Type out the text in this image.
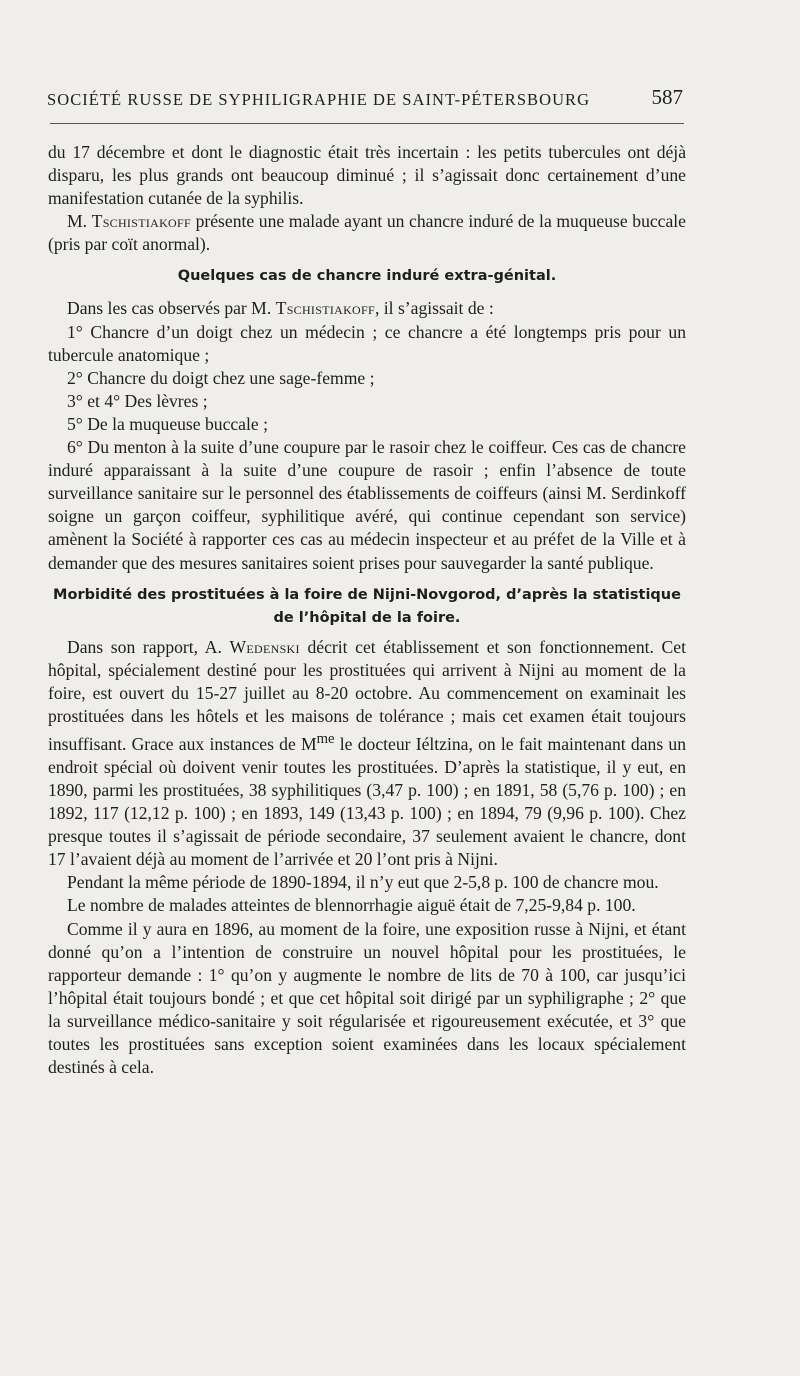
SOCIÉTÉ RUSSE DE SYPHILIGRAPHIE DE SAINT-PÉTERSBOURG	587

du 17 décembre et dont le diagnostic était très incertain : les petits tubercules ont déjà disparu, les plus grands ont beaucoup diminué ; il s’agissait donc certainement d’une manifestation cutanée de la syphilis.

M. Tschistiakoff présente une malade ayant un chancre induré de la muqueuse buccale (pris par coït anormal).

Quelques cas de chancre induré extra-génital.

Dans les cas observés par M. Tschistiakoff, il s’agissait de :

1° Chancre d’un doigt chez un médecin ; ce chancre a été longtemps pris pour un tubercule anatomique ;

2° Chancre du doigt chez une sage-femme ;

3° et 4° Des lèvres ;

5° De la muqueuse buccale ;

6° Du menton à la suite d’une coupure par le rasoir chez le coiffeur. Ces cas de chancre induré apparaissant à la suite d’une coupure de rasoir ; enfin l’absence de toute surveillance sanitaire sur le personnel des établissements de coiffeurs (ainsi M. Serdinkoff soigne un garçon coiffeur, syphilitique avéré, qui continue cependant son service) amènent la Société à rapporter ces cas au médecin inspecteur et au préfet de la Ville et à demander que des mesures sanitaires soient prises pour sauvegarder la santé publique.

Morbidité des prostituées à la foire de Nijni-Novgorod, d’après la statistique de l’hôpital de la foire.

Dans son rapport, A. Wedenski décrit cet établissement et son fonctionnement. Cet hôpital, spécialement destiné pour les prostituées qui arrivent à Nijni au moment de la foire, est ouvert du 15-27 juillet au 8-20 octobre. Au commencement on examinait les prostituées dans les hôtels et les maisons de tolérance ; mais cet examen était toujours insuffisant. Grace aux instances de $M^{me}$ le docteur Iéltzina, on le fait maintenant dans un endroit spécial où doivent venir toutes les prostituées. D’après la statistique, il y eut, en 1890, parmi les prostituées, 38 syphilitiques (3,47 p. 100) ; en 1891, 58 (5,76 p. 100) ; en 1892, 117 (12,12 p. 100) ; en 1893, 149 (13,43 p. 100) ; en 1894, 79 (9,96 p. 100). Chez presque toutes il s’agissait de période secondaire, 37 seulement avaient le chancre, dont 17 l’avaient déjà au moment de l’arrivée et 20 l’ont pris à Nijni.

Pendant la même période de 1890-1894, il n’y eut que 2-5,8 p. 100 de chancre mou.

Le nombre de malades atteintes de blennorrhagie aiguë était de 7,25-9,84 p. 100.

Comme il y aura en 1896, au moment de la foire, une exposition russe à Nijni, et étant donné qu’on a l’intention de construire un nouvel hôpital pour les prostituées, le rapporteur demande : 1° qu’on y augmente le nombre de lits de 70 à 100, car jusqu’ici l’hôpital était toujours bondé ; et que cet hôpital soit dirigé par un syphiligraphe ; 2° que la surveillance médico-sanitaire y soit régularisée et rigoureusement exécutée, et 3° que toutes les prostituées sans exception soient examinées dans les locaux spécialement destinés à cela.
